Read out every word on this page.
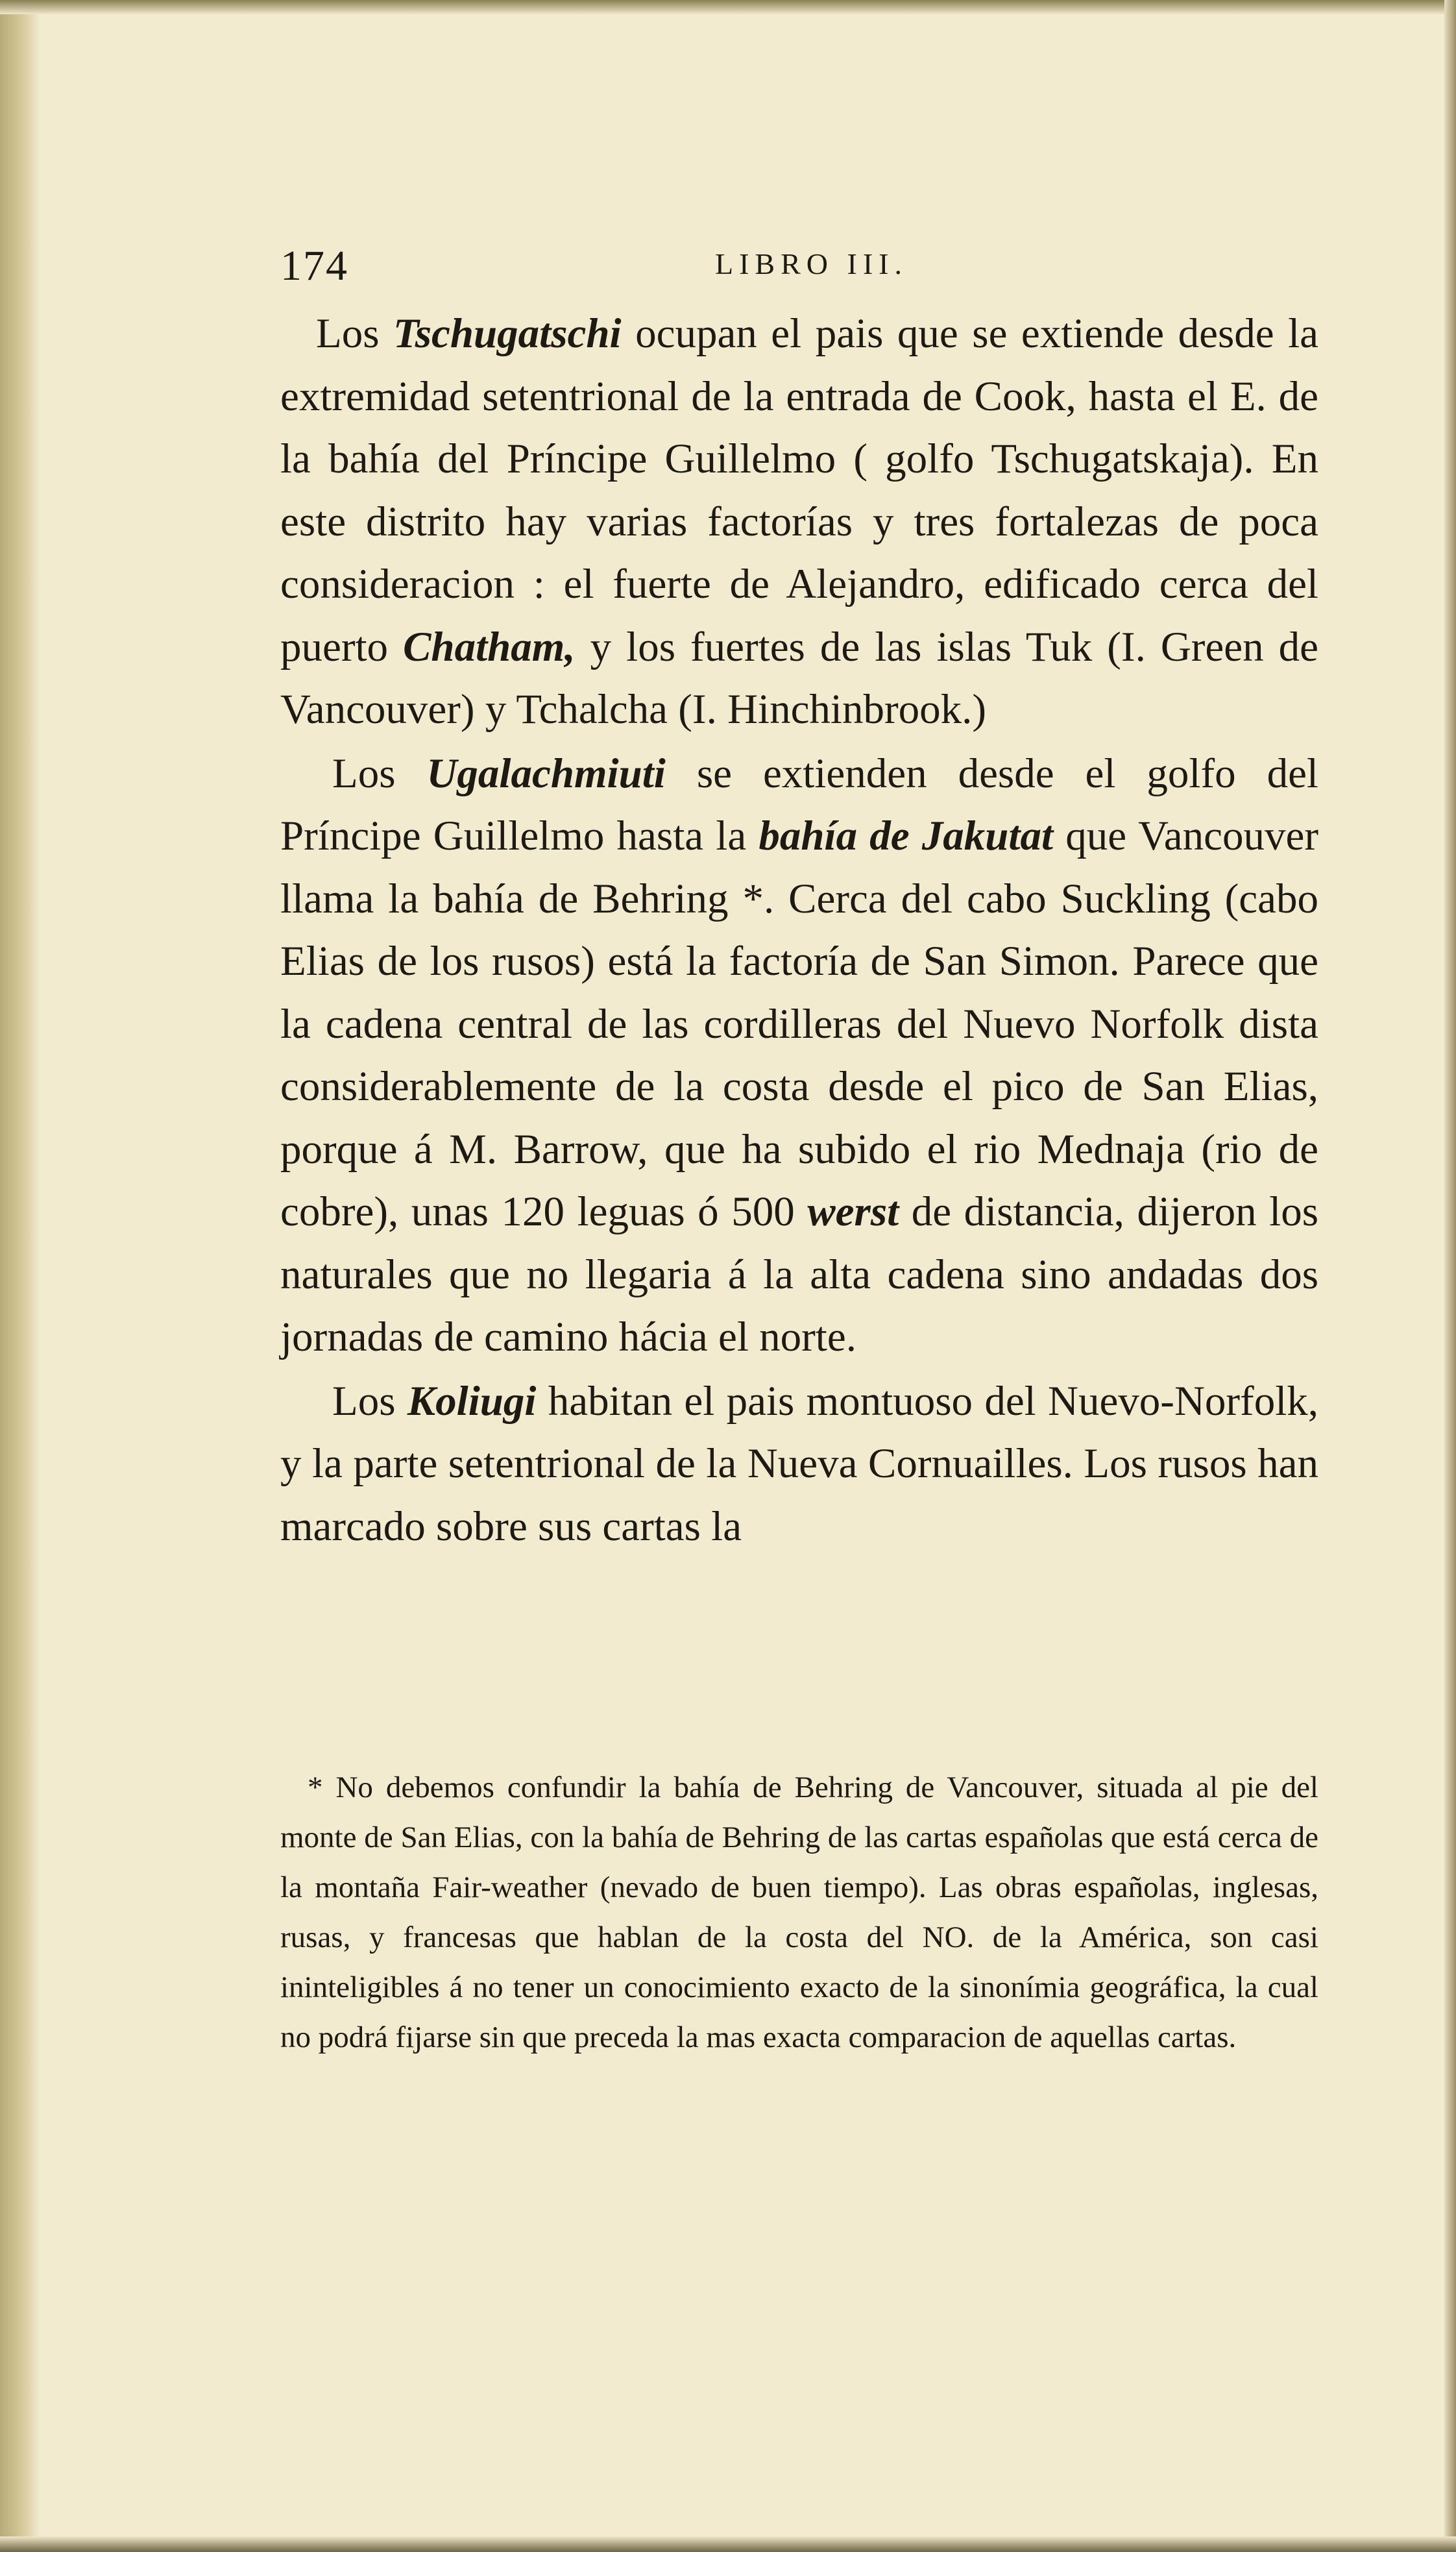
174	LIBRO III.

Los Tschugatschi ocupan el pais que se extiende desde la extremidad setentrional de la entrada de Cook, hasta el E. de la bahía del Príncipe Guillelmo ( golfo Tschugatskaja). En este distrito hay varias factorías y tres fortalezas de poca consideracion : el fuerte de Alejandro, edificado cerca del puerto Chatham, y los fuertes de las islas Tuk (I. Green de Vancouver) y Tchalcha (I. Hinchinbrook.)

Los Ugalachmiuti se extienden desde el golfo del Príncipe Guillelmo hasta la bahía de Jakutat que Vancouver llama la bahía de Behring *. Cerca del cabo Suckling (cabo Elias de los rusos) está la factoría de San Simon. Parece que la cadena central de las cordilleras del Nuevo Norfolk dista considerablemente de la costa desde el pico de San Elias, porque á M. Barrow, que ha subido el rio Mednaja (rio de cobre), unas 120 leguas ó 500 werst de distancia, dijeron los naturales que no llegaria á la alta cadena sino andadas dos jornadas de camino hácia el norte.

Los Koliugi habitan el pais montuoso del Nuevo-Norfolk, y la parte setentrional de la Nueva Cornuailles. Los rusos han marcado sobre sus cartas la

* No debemos confundir la bahía de Behring de Vancouver, situada al pie del monte de San Elias, con la bahía de Behring de las cartas españolas que está cerca de la montaña Fair-weather (nevado de buen tiempo). Las obras españolas, inglesas, rusas, y francesas que hablan de la costa del NO. de la América, son casi ininteligibles á no tener un conocimiento exacto de la sinonímia geográfica, la cual no podrá fijarse sin que preceda la mas exacta comparacion de aquellas cartas.
